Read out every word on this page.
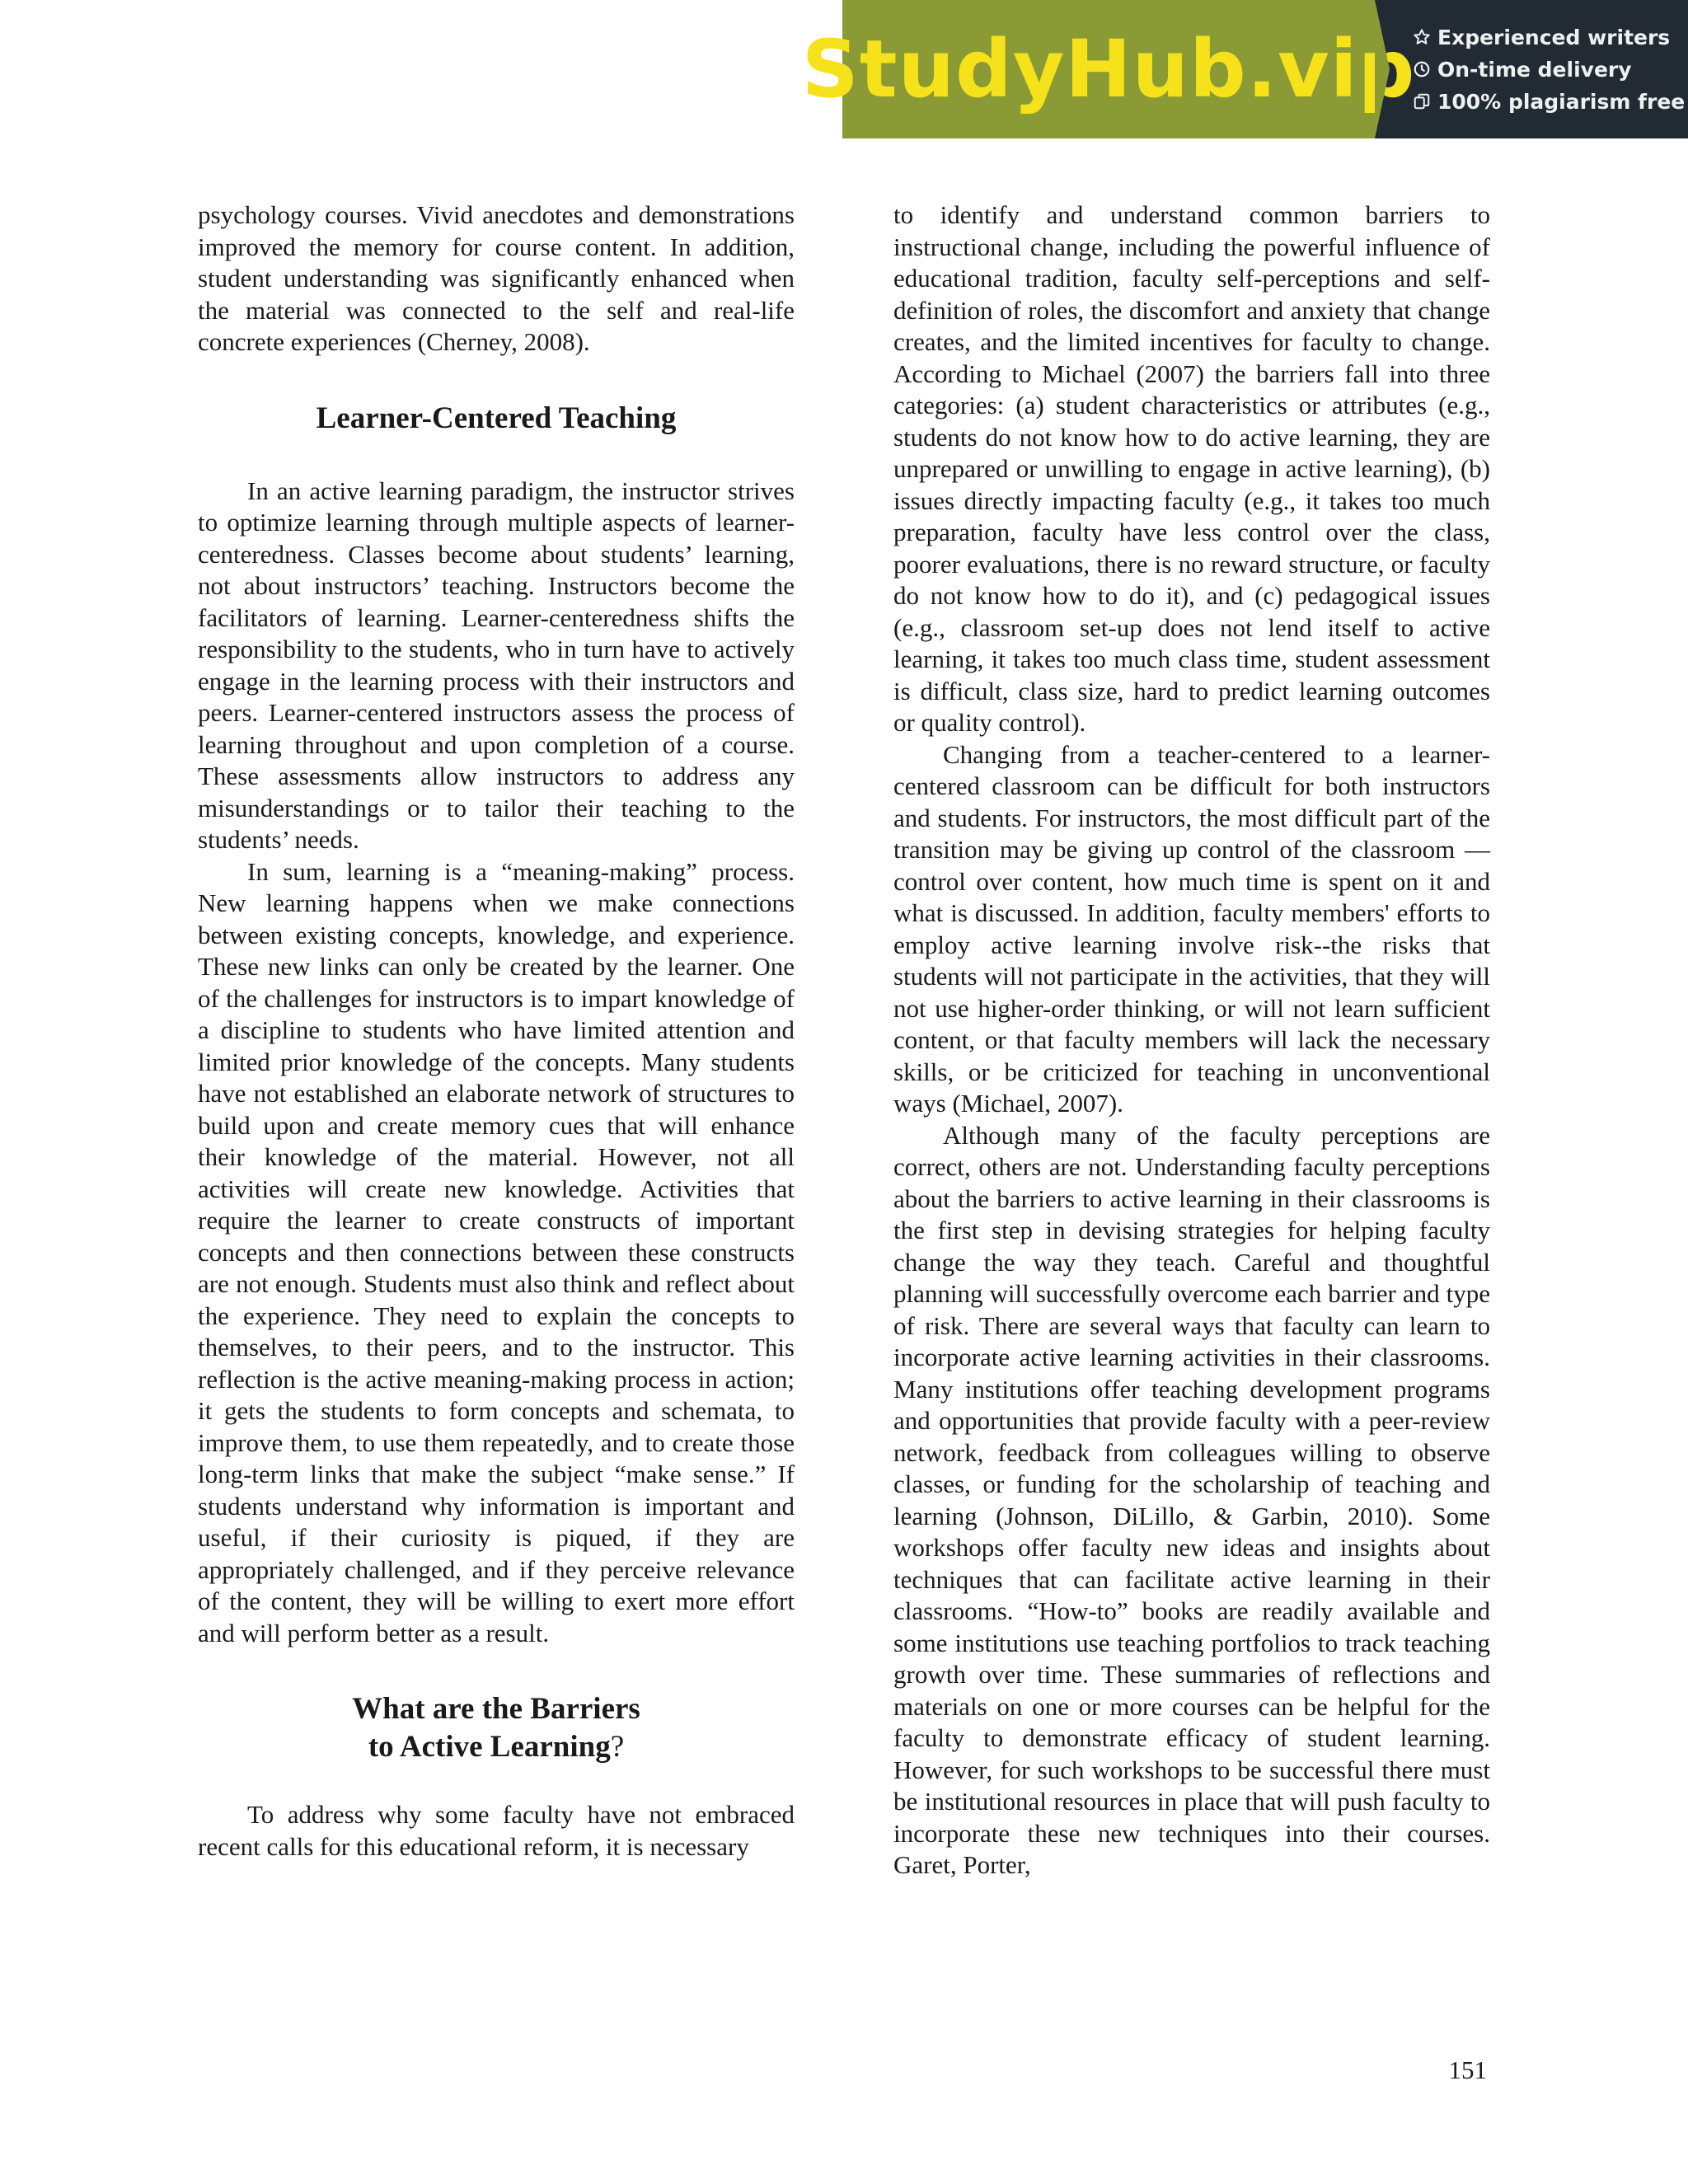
StudyHub.vip Experienced writers
On-time delivery
100% plagiarism free

psychology courses. Vivid anecdotes and demonstrations improved the memory for course content. In addition, student understanding was significantly enhanced when the material was connected to the self and real-life concrete experiences (Cherney, 2008).

Learner-Centered Teaching

In an active learning paradigm, the instructor strives to optimize learning through multiple aspects of learner-centeredness. Classes become about students’ learning, not about instructors’ teaching. Instructors become the facilitators of learning. Learner-centeredness shifts the responsibility to the students, who in turn have to actively engage in the learning process with their instructors and peers. Learner-centered instructors assess the process of learning throughout and upon completion of a course. These assessments allow instructors to address any misunderstandings or to tailor their teaching to the students’ needs.

In sum, learning is a “meaning-making” process. New learning happens when we make connections between existing concepts, knowledge, and experience. These new links can only be created by the learner. One of the challenges for instructors is to impart knowledge of a discipline to students who have limited attention and limited prior knowledge of the concepts. Many students have not established an elaborate network of structures to build upon and create memory cues that will enhance their knowledge of the material. However, not all activities will create new knowledge. Activities that require the learner to create constructs of important concepts and then connections between these constructs are not enough. Students must also think and reflect about the experience. They need to explain the concepts to themselves, to their peers, and to the instructor. This reflection is the active meaning-making process in action; it gets the students to form concepts and schemata, to improve them, to use them repeatedly, and to create those long-term links that make the subject “make sense.” If students understand why information is important and useful, if their curiosity is piqued, if they are appropriately challenged, and if they perceive relevance of the content, they will be willing to exert more effort and will perform better as a result.

What are the Barriers
to Active Learning?

To address why some faculty have not embraced recent calls for this educational reform, it is necessary

to identify and understand common barriers to instructional change, including the powerful influence of educational tradition, faculty self-perceptions and self-definition of roles, the discomfort and anxiety that change creates, and the limited incentives for faculty to change. According to Michael (2007) the barriers fall into three categories: (a) student characteristics or attributes (e.g., students do not know how to do active learning, they are unprepared or unwilling to engage in active learning), (b) issues directly impacting faculty (e.g., it takes too much preparation, faculty have less control over the class, poorer evaluations, there is no reward structure, or faculty do not know how to do it), and (c) pedagogical issues (e.g., classroom set-up does not lend itself to active learning, it takes too much class time, student assessment is difficult, class size, hard to predict learning outcomes or quality control).

Changing from a teacher-centered to a learner-centered classroom can be difficult for both instructors and students. For instructors, the most difficult part of the transition may be giving up control of the classroom — control over content, how much time is spent on it and what is discussed. In addition, faculty members' efforts to employ active learning involve risk--the risks that students will not participate in the activities, that they will not use higher-order thinking, or will not learn sufficient content, or that faculty members will lack the necessary skills, or be criticized for teaching in unconventional ways (Michael, 2007).

Although many of the faculty perceptions are correct, others are not. Understanding faculty perceptions about the barriers to active learning in their classrooms is the first step in devising strategies for helping faculty change the way they teach. Careful and thoughtful planning will successfully overcome each barrier and type of risk. There are several ways that faculty can learn to incorporate active learning activities in their classrooms. Many institutions offer teaching development programs and opportunities that provide faculty with a peer-review network, feedback from colleagues willing to observe classes, or funding for the scholarship of teaching and learning (Johnson, DiLillo, & Garbin, 2010). Some workshops offer faculty new ideas and insights about techniques that can facilitate active learning in their classrooms. “How-to” books are readily available and some institutions use teaching portfolios to track teaching growth over time. These summaries of reflections and materials on one or more courses can be helpful for the faculty to demonstrate efficacy of student learning. However, for such workshops to be successful there must be institutional resources in place that will push faculty to incorporate these new techniques into their courses. Garet, Porter,

151
